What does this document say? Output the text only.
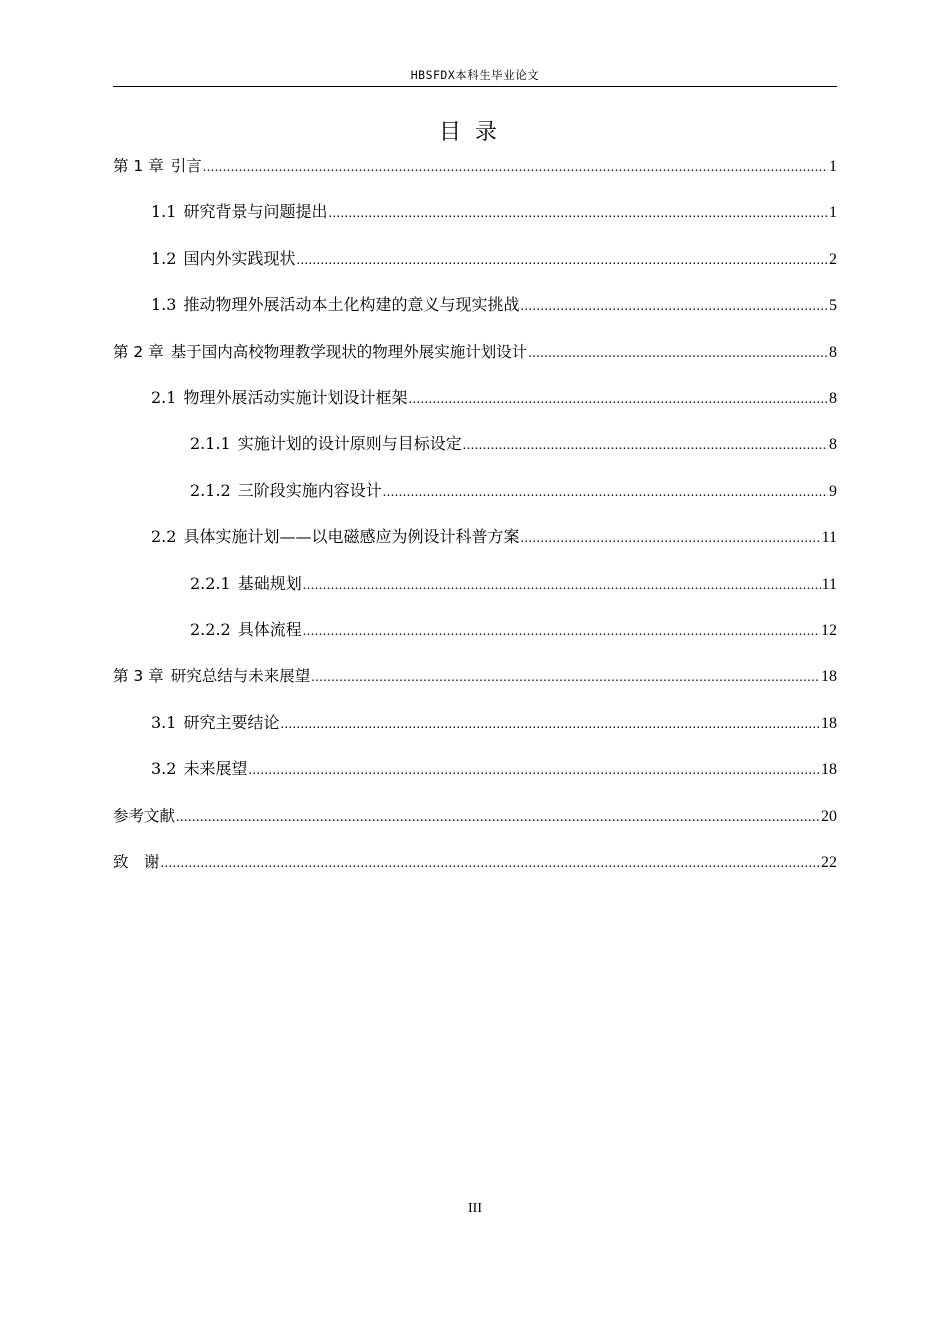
HBSFDX本科生毕业论文
目录
第 1 章 引言 .....	1
1.1 研究背景与问题提出 .....	1
1.2 国内外实践现状 .....	2
1.3 推动物理外展活动本土化构建的意义与现实挑战 .....	5
第 2 章 基于国内高校物理教学现状的物理外展实施计划设计 .....	8
2.1 物理外展活动实施计划设计框架 .....	8
2.1.1 实施计划的设计原则与目标设定 .....	8
2.1.2 三阶段实施内容设计 .....	9
2.2 具体实施计划——以电磁感应为例设计科普方案 .....	11
2.2.1 基础规划 .....	11
2.2.2 具体流程 .....	12
第 3 章 研究总结与未来展望 .....	18
3.1 研究主要结论 .....	18
3.2 未来展望 .....	18
参考文献 .....	20
致　谢 .....	22
III
